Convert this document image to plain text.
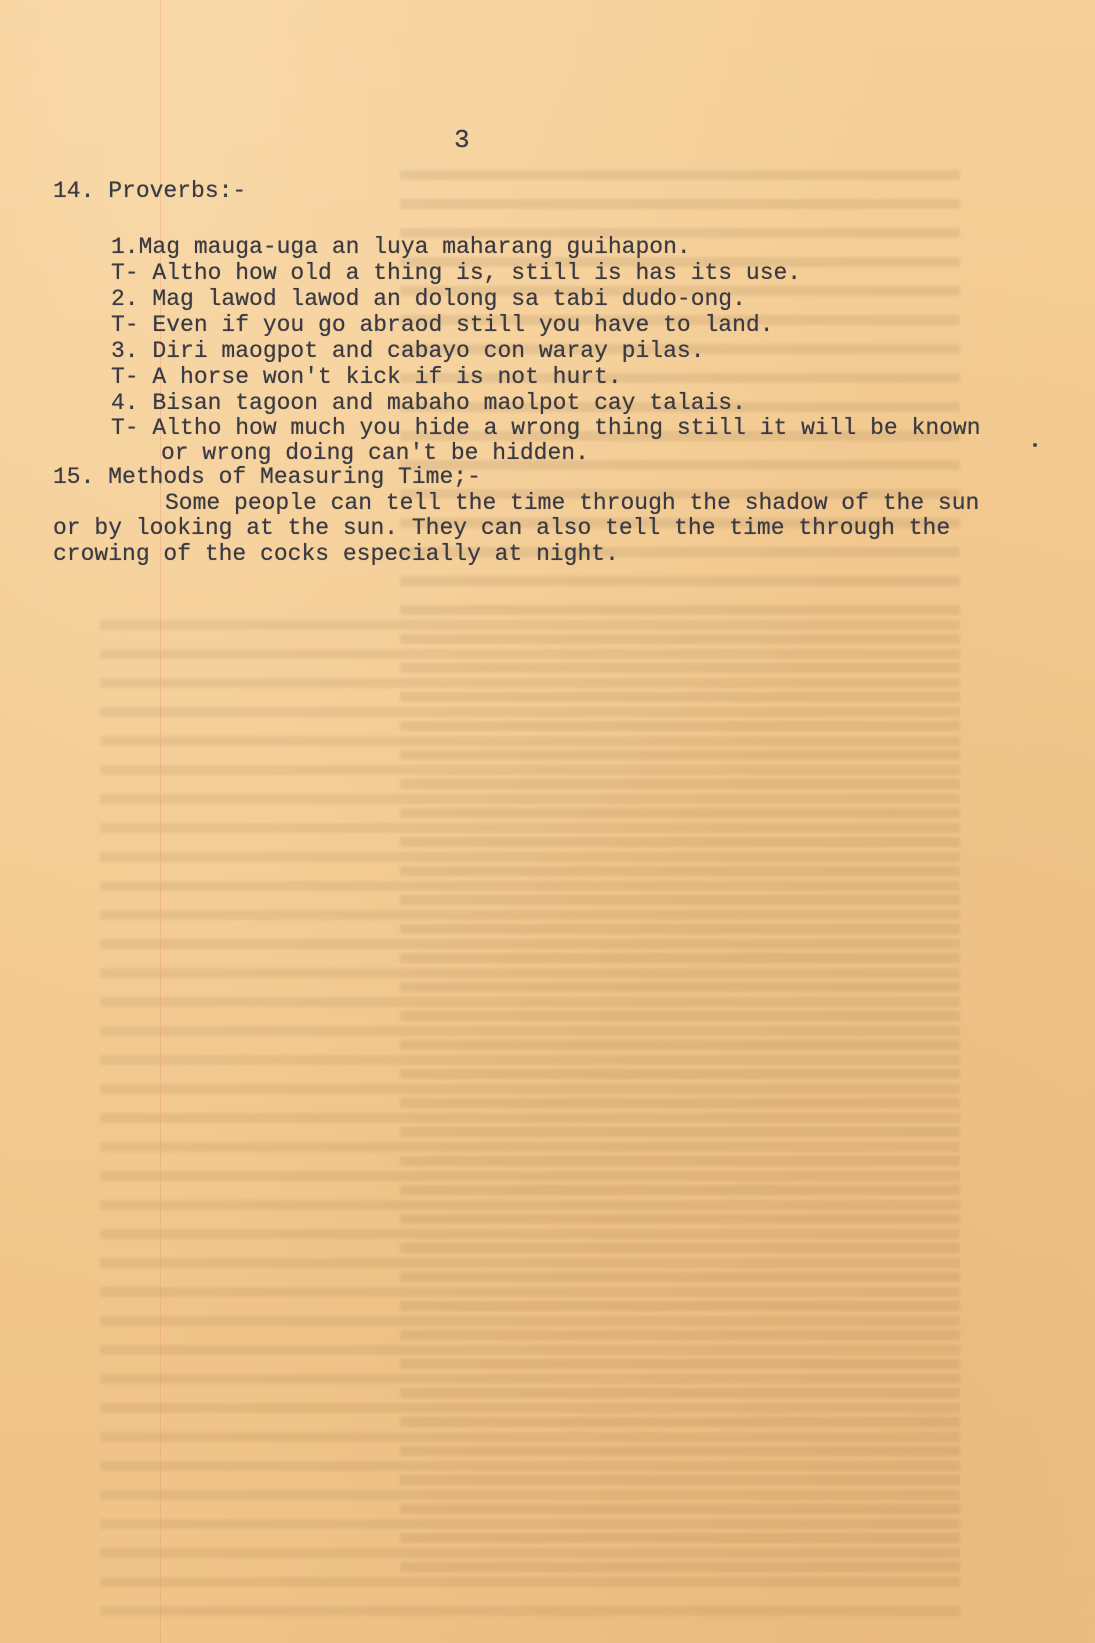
3

14. Proverbs:-

1.Mag mauga-uga an luya maharang guihapon.

T- Altho how old a thing is, still is has its use.

2. Mag lawod lawod an dolong sa tabi dudo-ong.

T- Even if you go abraod still you have to land.

3. Diri maogpot and cabayo con waray pilas.

T- A horse won't kick if is not hurt.

4. Bisan tagoon and mabaho maolpot cay talais.

T- Altho how much you hide a wrong thing still it will be known

or wrong doing can't be hidden.

15. Methods of Measuring Time;-

Some people can tell the time through the shadow of the sun

or by looking at the sun. They can also tell the time through the

crowing of the cocks especially at night.
